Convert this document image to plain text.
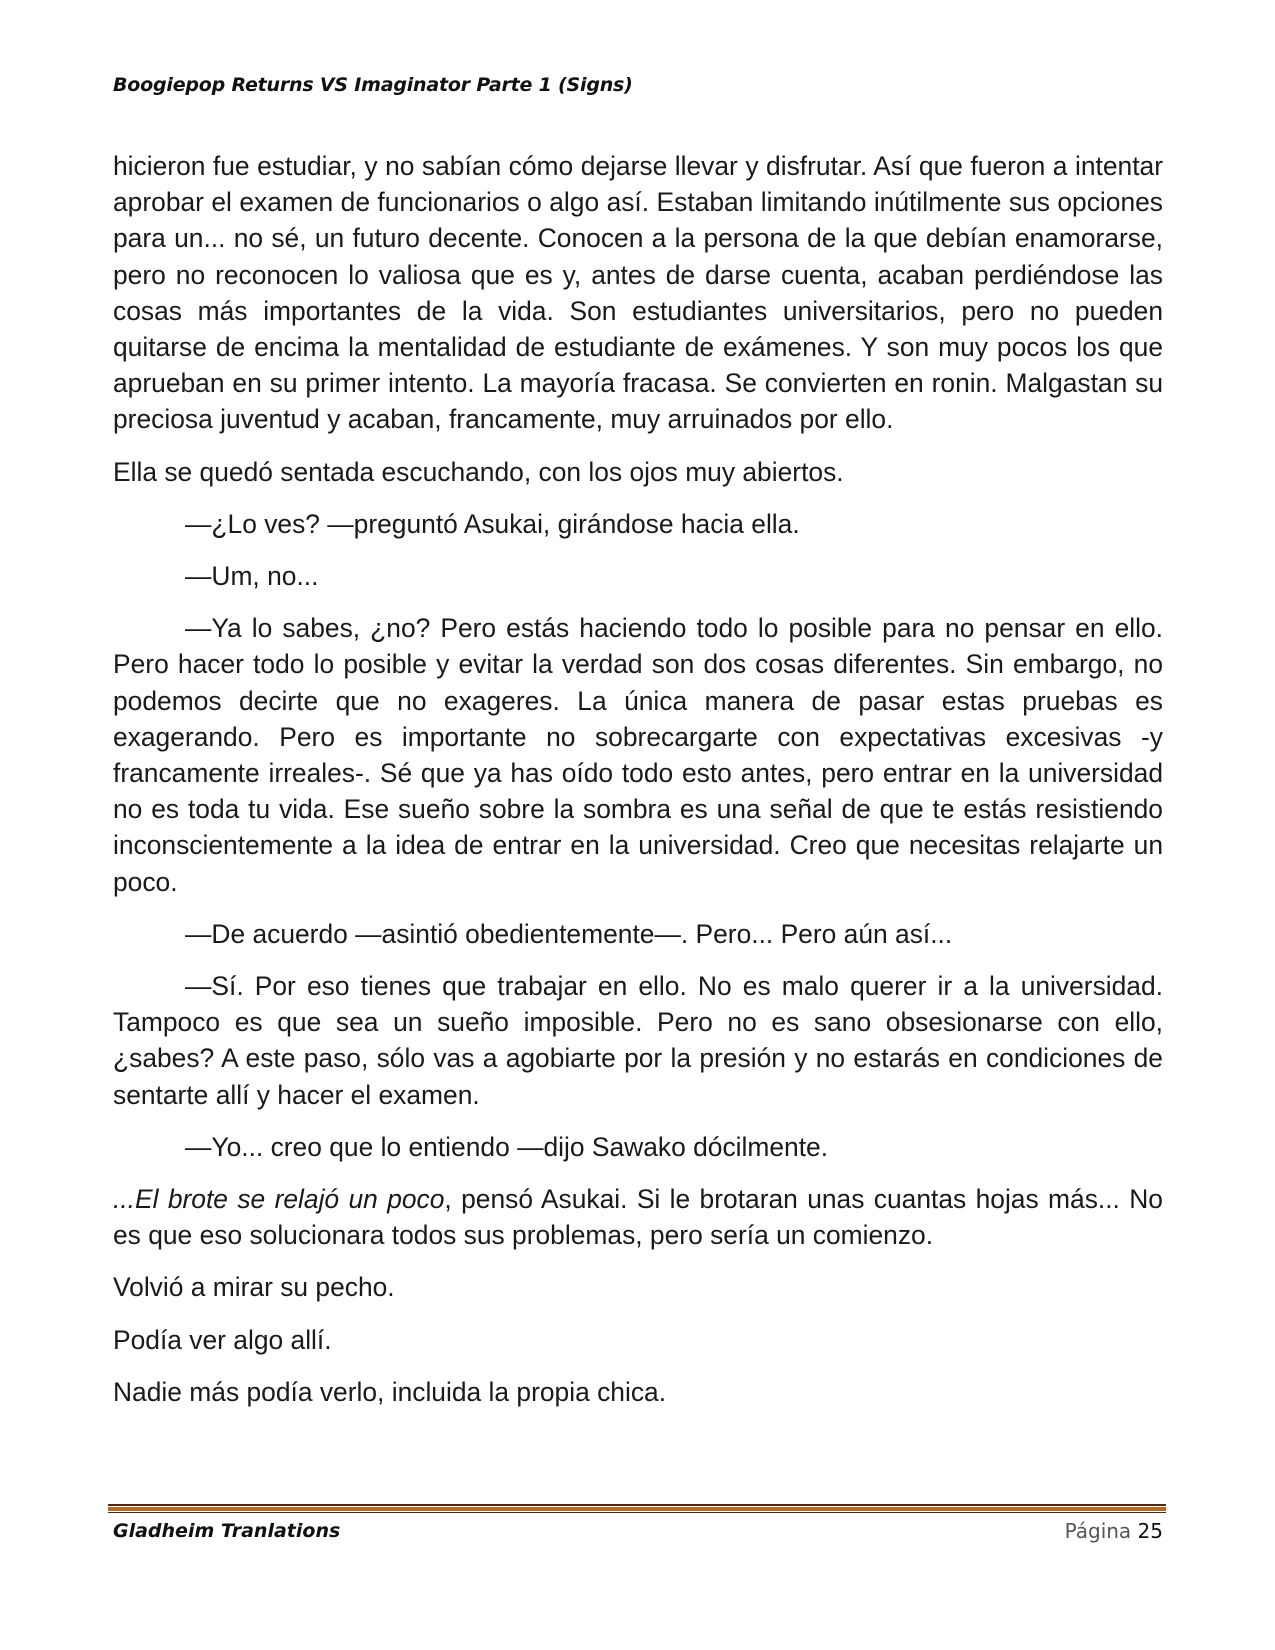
Boogiepop Returns VS Imaginator Parte 1 (Signs)

hicieron fue estudiar, y no sabían cómo dejarse llevar y disfrutar. Así que fueron a intentar aprobar el examen de funcionarios o algo así. Estaban limitando inútilmente sus opciones para un... no sé, un futuro decente. Conocen a la persona de la que debían enamorarse, pero no reconocen lo valiosa que es y, antes de darse cuenta, acaban perdiéndose las cosas más importantes de la vida. Son estudiantes universitarios, pero no pueden quitarse de encima la mentalidad de estudiante de exámenes. Y son muy pocos los que aprueban en su primer intento. La mayoría fracasa. Se convierten en ronin. Malgastan su preciosa juventud y acaban, francamente, muy arruinados por ello.

Ella se quedó sentada escuchando, con los ojos muy abiertos.

—¿Lo ves? —preguntó Asukai, girándose hacia ella.

—Um, no...

—Ya lo sabes, ¿no? Pero estás haciendo todo lo posible para no pensar en ello. Pero hacer todo lo posible y evitar la verdad son dos cosas diferentes. Sin embargo, no podemos decirte que no exageres. La única manera de pasar estas pruebas es exagerando. Pero es importante no sobrecargarte con expectativas excesivas -y francamente irreales-. Sé que ya has oído todo esto antes, pero entrar en la universidad no es toda tu vida. Ese sueño sobre la sombra es una señal de que te estás resistiendo inconscientemente a la idea de entrar en la universidad. Creo que necesitas relajarte un poco.

—De acuerdo —asintió obedientemente—. Pero... Pero aún así...

—Sí. Por eso tienes que trabajar en ello. No es malo querer ir a la universidad. Tampoco es que sea un sueño imposible. Pero no es sano obsesionarse con ello, ¿sabes? A este paso, sólo vas a agobiarte por la presión y no estarás en condiciones de sentarte allí y hacer el examen.

—Yo... creo que lo entiendo —dijo Sawako dócilmente.

...El brote se relajó un poco, pensó Asukai. Si le brotaran unas cuantas hojas más... No es que eso solucionara todos sus problemas, pero sería un comienzo.

Volvió a mirar su pecho.

Podía ver algo allí.

Nadie más podía verlo, incluida la propia chica.

Gladheim Tranlations	Página 25
